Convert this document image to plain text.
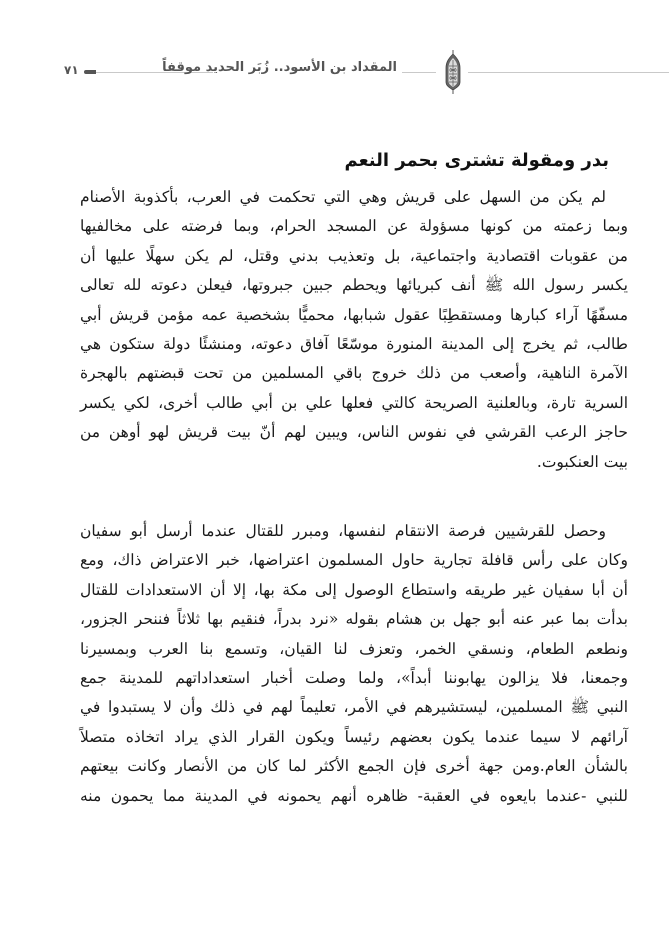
٧١	المقداد بن الأسود.. زُبَر الحديد موقفاً
بدر ومقولة تشترى بحمر النعم
لم يكن من السهل على قريش وهي التي تحكمت في العرب، بأكذوبة الأصنام
وبما زعمته من كونها مسؤولة عن المسجد الحرام، وبما فرضته على مخالفيها
من عقوبات اقتصادية واجتماعية، بل وتعذيب بدني وقتل، لم يكن سهلًا عليها أن
يكسر رسول الله ﷺ أنف كبريائها ويحطم جبين جبروتها، فيعلن دعوته لله تعالى
مسفّهًا آراء كبارها ومستقطِبًا عقول شبابها، محميًّا بشخصية عمه مؤمن قريش أبي
طالب، ثم يخرج إلى المدينة المنورة موسّعًا آفاق دعوته، ومنشئًا دولة ستكون هي
الآمرة الناهية، وأصعب من ذلك خروج باقي المسلمين من تحت قبضتهم بالهجرة
السرية تارة، وبالعلنية الصريحة كالتي فعلها علي بن أبي طالب أخرى، لكي يكسر
حاجز الرعب القرشي في نفوس الناس، ويبين لهم أنّ بيت قريش لهو أوهن من
بيت العنكبوت.
وحصل للقرشيين فرصة الانتقام لنفسها، ومبرر للقتال عندما أرسل أبو سفيان
وكان على رأس قافلة تجارية حاول المسلمون اعتراضها، خبر الاعتراض ذاك، ومع
أن أبا سفيان غير طريقه واستطاع الوصول إلى مكة بها، إلا أن الاستعدادات للقتال
بدأت بما عبر عنه أبو جهل بن هشام بقوله «نرد بدراً، فنقيم بها ثلاثاً فننحر الجزور،
ونطعم الطعام، ونسقي الخمر، وتعزف لنا القيان، وتسمع بنا العرب وبمسيرنا
وجمعنا، فلا يزالون يهابوننا أبداً»، ولما وصلت أخبار استعداداتهم للمدينة جمع
النبي ﷺ المسلمين، ليستشيرهم في الأمر، تعليماً لهم في ذلك وأن لا يستبدوا في
آرائهم لا سيما عندما يكون بعضهم رئيساً ويكون القرار الذي يراد اتخاذه متصلاً
بالشأن العام.ومن جهة أخرى فإن الجمع الأكثر لما كان من الأنصار وكانت بيعتهم
للنبي -عندما بايعوه في العقبة- ظاهره أنهم يحمونه في المدينة مما يحمون منه
